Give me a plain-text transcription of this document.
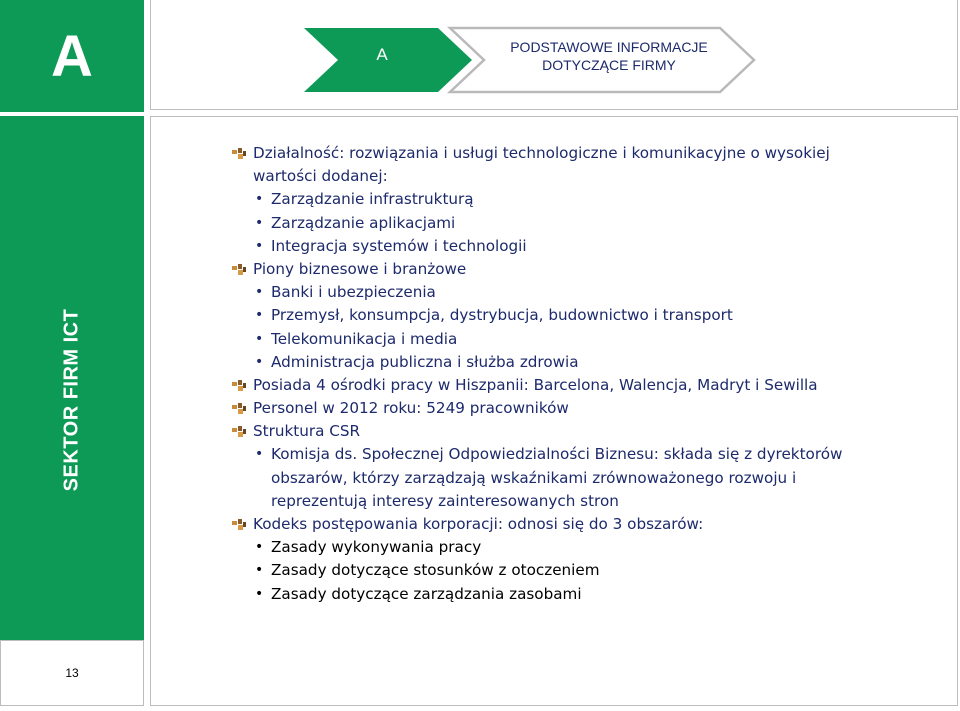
A	A	PODSTAWOWE INFORMACJE
DOTYCZĄCE FIRMY
SEKTOR FIRM ICT
13
Działalność: rozwiązania i usługi technologiczne i komunikacyjne o wysokiej
wartości dodanej:
• Zarządzanie infrastrukturą
• Zarządzanie aplikacjami
• Integracja systemów i technologii
Piony biznesowe i branżowe
• Banki i ubezpieczenia
• Przemysł, konsumpcja, dystrybucja, budownictwo i transport
• Telekomunikacja i media
• Administracja publiczna i służba zdrowia
Posiada 4 ośrodki pracy w Hiszpanii: Barcelona, Walencja, Madryt i Sewilla
Personel w 2012 roku: 5249 pracowników
Struktura CSR
• Komisja ds. Społecznej Odpowiedzialności Biznesu: składa się z dyrektorów
obszarów, którzy zarządzają wskaźnikami zrównoważonego rozwoju i
reprezentują interesy zainteresowanych stron
Kodeks postępowania korporacji: odnosi się do 3 obszarów:
• Zasady wykonywania pracy
• Zasady dotyczące stosunków z otoczeniem
• Zasady dotyczące zarządzania zasobami
